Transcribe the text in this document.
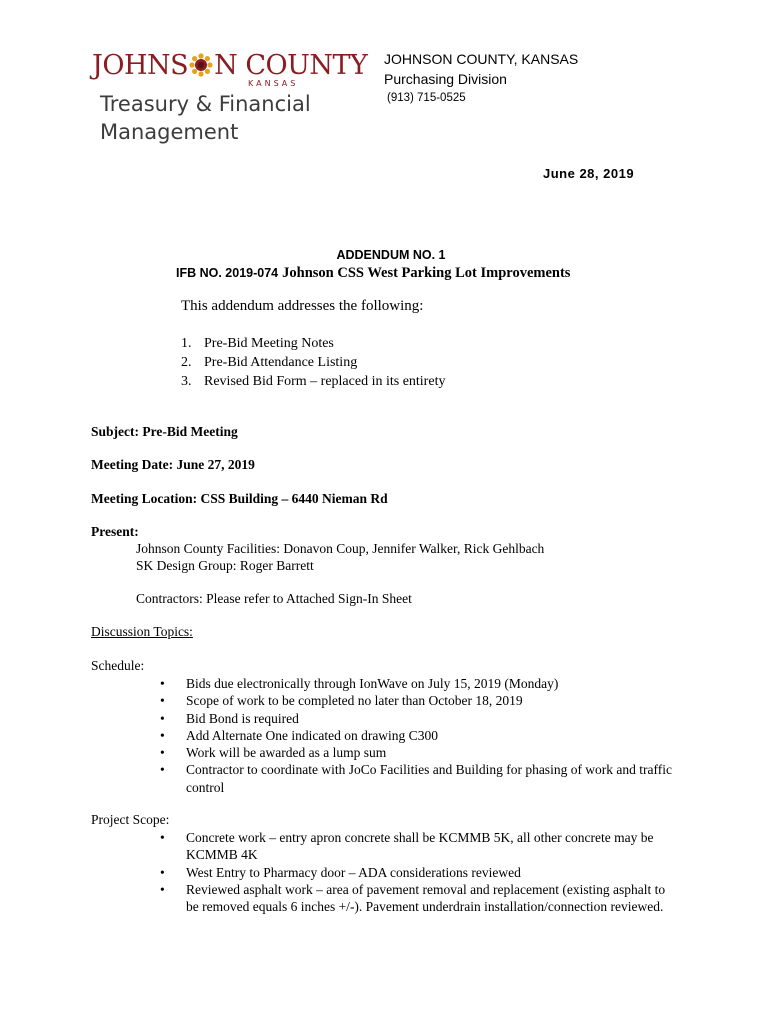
JOHNS N COUNTY
KANSAS
Treasury & Financial
Management
JOHNSON COUNTY, KANSAS
Purchasing Division
(913) 715-0525
June 28, 2019
ADDENDUM NO. 1
IFB NO. 2019-074 Johnson CSS West Parking Lot Improvements
This addendum addresses the following:
1. Pre-Bid Meeting Notes
2. Pre-Bid Attendance Listing
3. Revised Bid Form – replaced in its entirety
Subject: Pre-Bid Meeting
Meeting Date: June 27, 2019
Meeting Location: CSS Building – 6440 Nieman Rd
Present:
Johnson County Facilities: Donavon Coup, Jennifer Walker, Rick Gehlbach
SK Design Group: Roger Barrett
Contractors: Please refer to Attached Sign-In Sheet
Discussion Topics:
Schedule:
• Bids due electronically through IonWave on July 15, 2019 (Monday)
• Scope of work to be completed no later than October 18, 2019
• Bid Bond is required
• Add Alternate One indicated on drawing C300
• Work will be awarded as a lump sum
• Contractor to coordinate with JoCo Facilities and Building for phasing of work and traffic control
Project Scope:
• Concrete work – entry apron concrete shall be KCMMB 5K, all other concrete may be KCMMB 4K
• West Entry to Pharmacy door – ADA considerations reviewed
• Reviewed asphalt work – area of pavement removal and replacement (existing asphalt to be removed equals 6 inches +/-). Pavement underdrain installation/connection reviewed.
